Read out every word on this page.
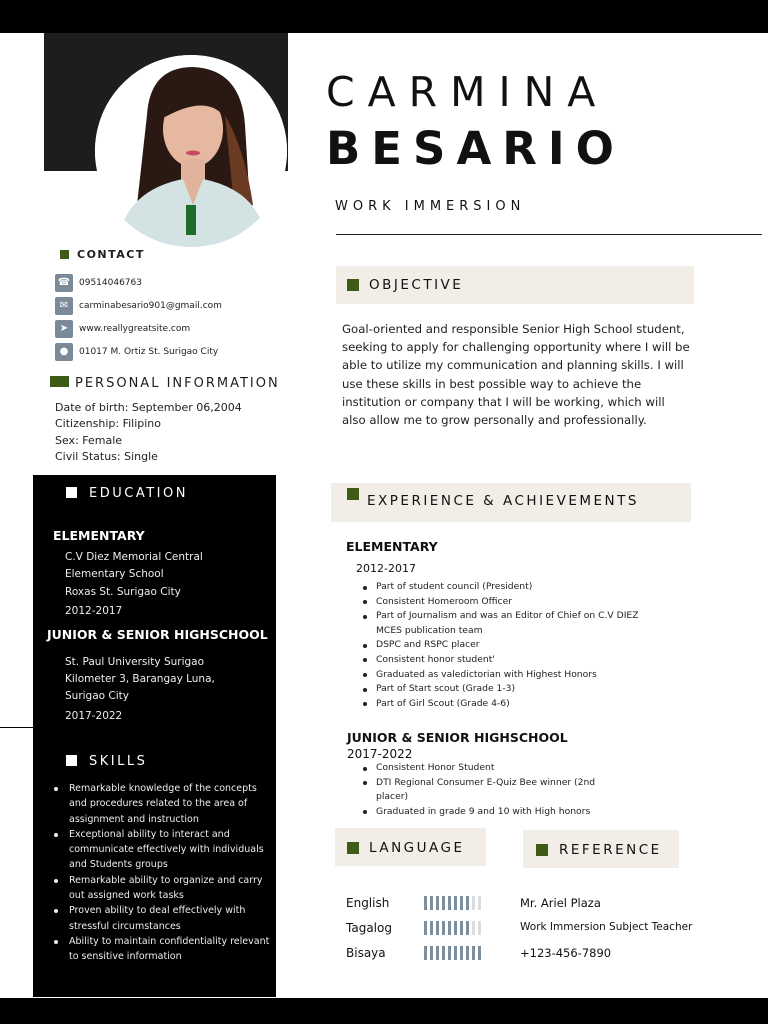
CARMINA
BESARIO
WORK IMMERSION
CONTACT
☎ 09514046763
✉	carminabesario901@gmail.com
➤	www.reallygreatsite.com
●	01017 M. Ortiz St. Surigao City
PERSONAL INFORMATION
Date of birth: September 06,2004
Citizenship: Filipino
Sex: Female
Civil Status: Single
EDUCATION
ELEMENTARY
C.V Diez Memorial Central
Elementary School
Roxas St. Surigao City
2012-2017
JUNIOR & SENIOR HIGHSCHOOL
St. Paul University Surigao
Kilometer 3, Barangay Luna,
Surigao City
2017-2022
SKILLS
Remarkable knowledge of the concepts and procedures related to the area of assignment and instruction
Exceptional ability to interact and communicate effectively with individuals and Students groups
Remarkable ability to organize and carry out assigned work tasks
Proven ability to deal effectively with stressful circumstances
Ability to maintain confidentiality relevant to sensitive information
OBJECTIVE
Goal-oriented and responsible Senior High School student, seeking to apply for challenging opportunity where I will be able to utilize my communication and planning skills. I will use these skills in best possible way to achieve the institution or company that I will be working, which will also allow me to grow personally and professionally.
EXPERIENCE & ACHIEVEMENTS
ELEMENTARY
2012-2017
Part of student council (President)
Consistent Homeroom Officer
Part of Journalism and was an Editor of Chief on C.V DIEZ MCES publication team
DSPC and RSPC placer
Consistent honor student'
Graduated as valedictorian with Highest Honors
Part of Start scout (Grade 1-3)
Part of Girl Scout (Grade 4-6)
JUNIOR & SENIOR HIGHSCHOOL
2017-2022
Consistent Honor Student
DTI Regional Consumer E-Quiz Bee winner (2nd placer)
Graduated in grade 9 and 10 with High honors
LANGUAGE
English
Tagalog
Bisaya
REFERENCE
Mr. Ariel Plaza
Work Immersion Subject Teacher
+123-456-7890
